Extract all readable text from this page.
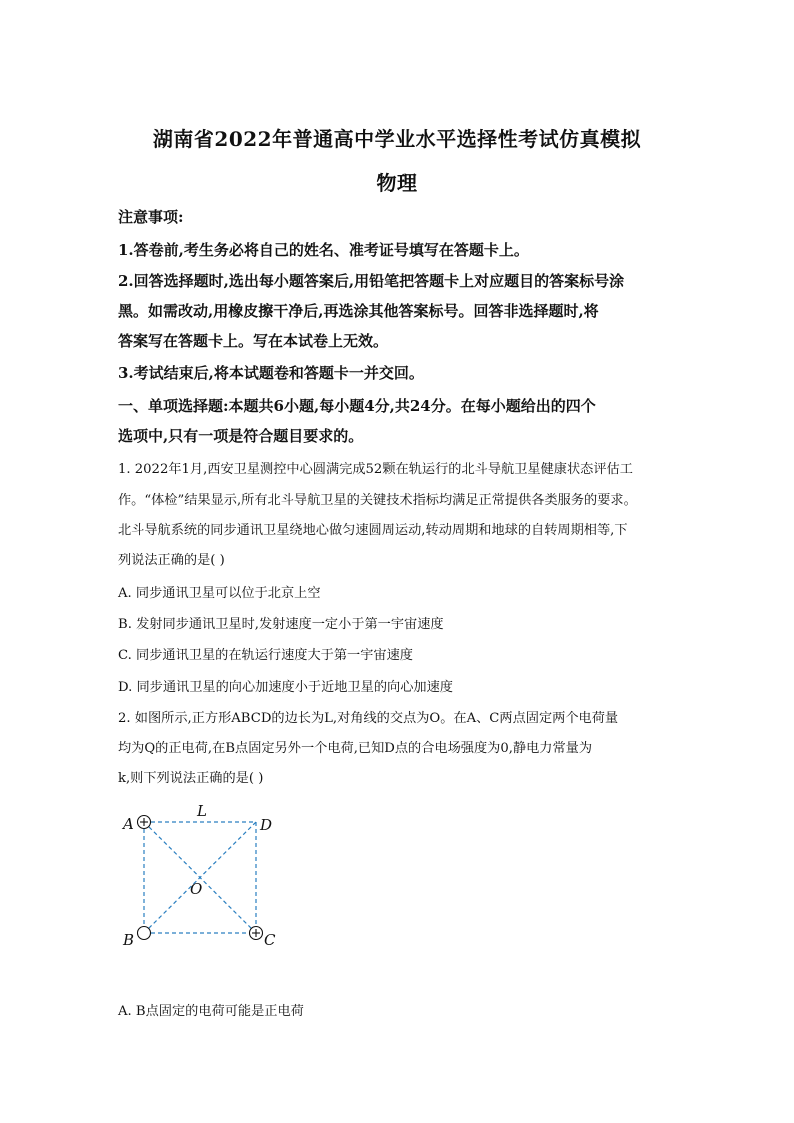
湖南省2022年普通高中学业水平选择性考试仿真模拟
物理
注意事项:
1.答卷前,考生务必将自己的姓名、准考证号填写在答题卡上。
2.回答选择题时,选出每小题答案后,用铅笔把答题卡上对应题目的答案标号涂
黑。如需改动,用橡皮擦干净后,再选涂其他答案标号。回答非选择题时,将
答案写在答题卡上。写在本试卷上无效。
3.考试结束后,将本试题卷和答题卡一并交回。
一、单项选择题:本题共6小题,每小题4分,共24分。在每小题给出的四个
选项中,只有一项是符合题目要求的。
1. 2022年1月,西安卫星测控中心圆满完成52颗在轨运行的北斗导航卫星健康状态评估工
作。“体检”结果显示,所有北斗导航卫星的关键技术指标均满足正常提供各类服务的要求。
北斗导航系统的同步通讯卫星绕地心做匀速圆周运动,转动周期和地球的自转周期相等,下
列说法正确的是( )
A. 同步通讯卫星可以位于北京上空
B. 发射同步通讯卫星时,发射速度一定小于第一宇宙速度
C. 同步通讯卫星的在轨运行速度大于第一宇宙速度
D. 同步通讯卫星的向心加速度小于近地卫星的向心加速度
2. 如图所示,正方形ABCD的边长为L,对角线的交点为O。在A、C两点固定两个电荷量
均为Q的正电荷,在B点固定另外一个电荷,已知D点的合电场强度为0,静电力常量为
k,则下列说法正确的是( )
A	D
L
O
B	C
A. B点固定的电荷可能是正电荷
